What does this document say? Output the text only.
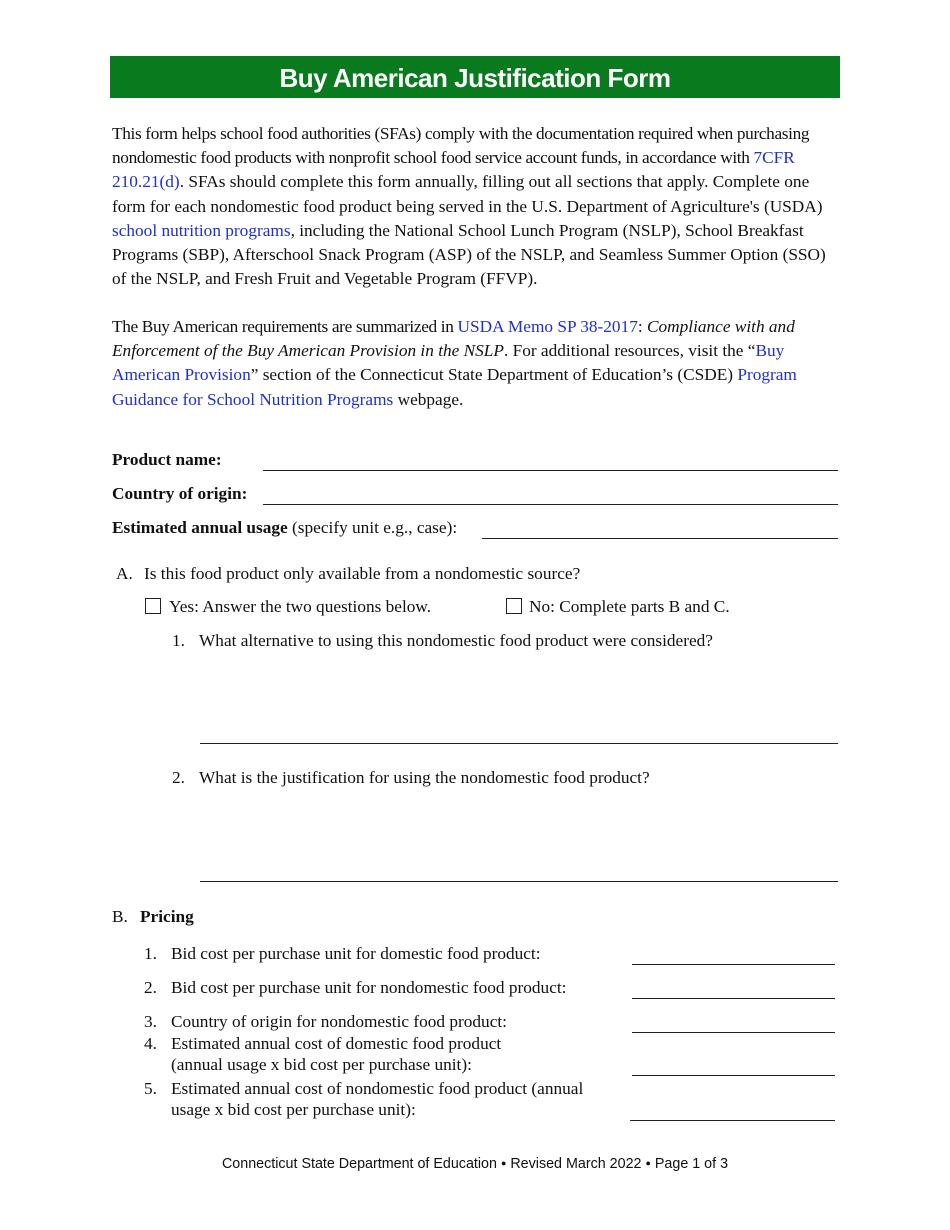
Buy American Justification Form

This form helps school food authorities (SFAs) comply with the documentation required when purchasing nondomestic food products with nonprofit school food service account funds, in accordance with 7CFR 210.21(d). SFAs should complete this form annually, filling out all sections that apply. Complete one form for each nondomestic food product being served in the U.S. Department of Agriculture's (USDA) school nutrition programs, including the National School Lunch Program (NSLP), School Breakfast Programs (SBP), Afterschool Snack Program (ASP) of the NSLP, and Seamless Summer Option (SSO) of the NSLP, and Fresh Fruit and Vegetable Program (FFVP).

The Buy American requirements are summarized in USDA Memo SP 38-2017: Compliance with and Enforcement of the Buy American Provision in the NSLP. For additional resources, visit the “Buy American Provision” section of the Connecticut State Department of Education’s (CSDE) Program Guidance for School Nutrition Programs webpage.

Product name:
Country of origin:
Estimated annual usage (specify unit e.g., case):
A. Is this food product only available from a nondomestic source?
Yes: Answer the two questions below.	No: Complete parts B and C.
1. What alternative to using this nondomestic food product were considered?
2. What is the justification for using the nondomestic food product?
B. Pricing
1. Bid cost per purchase unit for domestic food product:
2. Bid cost per purchase unit for nondomestic food product:
3. Country of origin for nondomestic food product:
4. Estimated annual cost of domestic food product
(annual usage x bid cost per purchase unit):
5. Estimated annual cost of nondomestic food product (annual
usage x bid cost per purchase unit):
Connecticut State Department of Education ● Revised March 2022 ● Page 1 of 3
